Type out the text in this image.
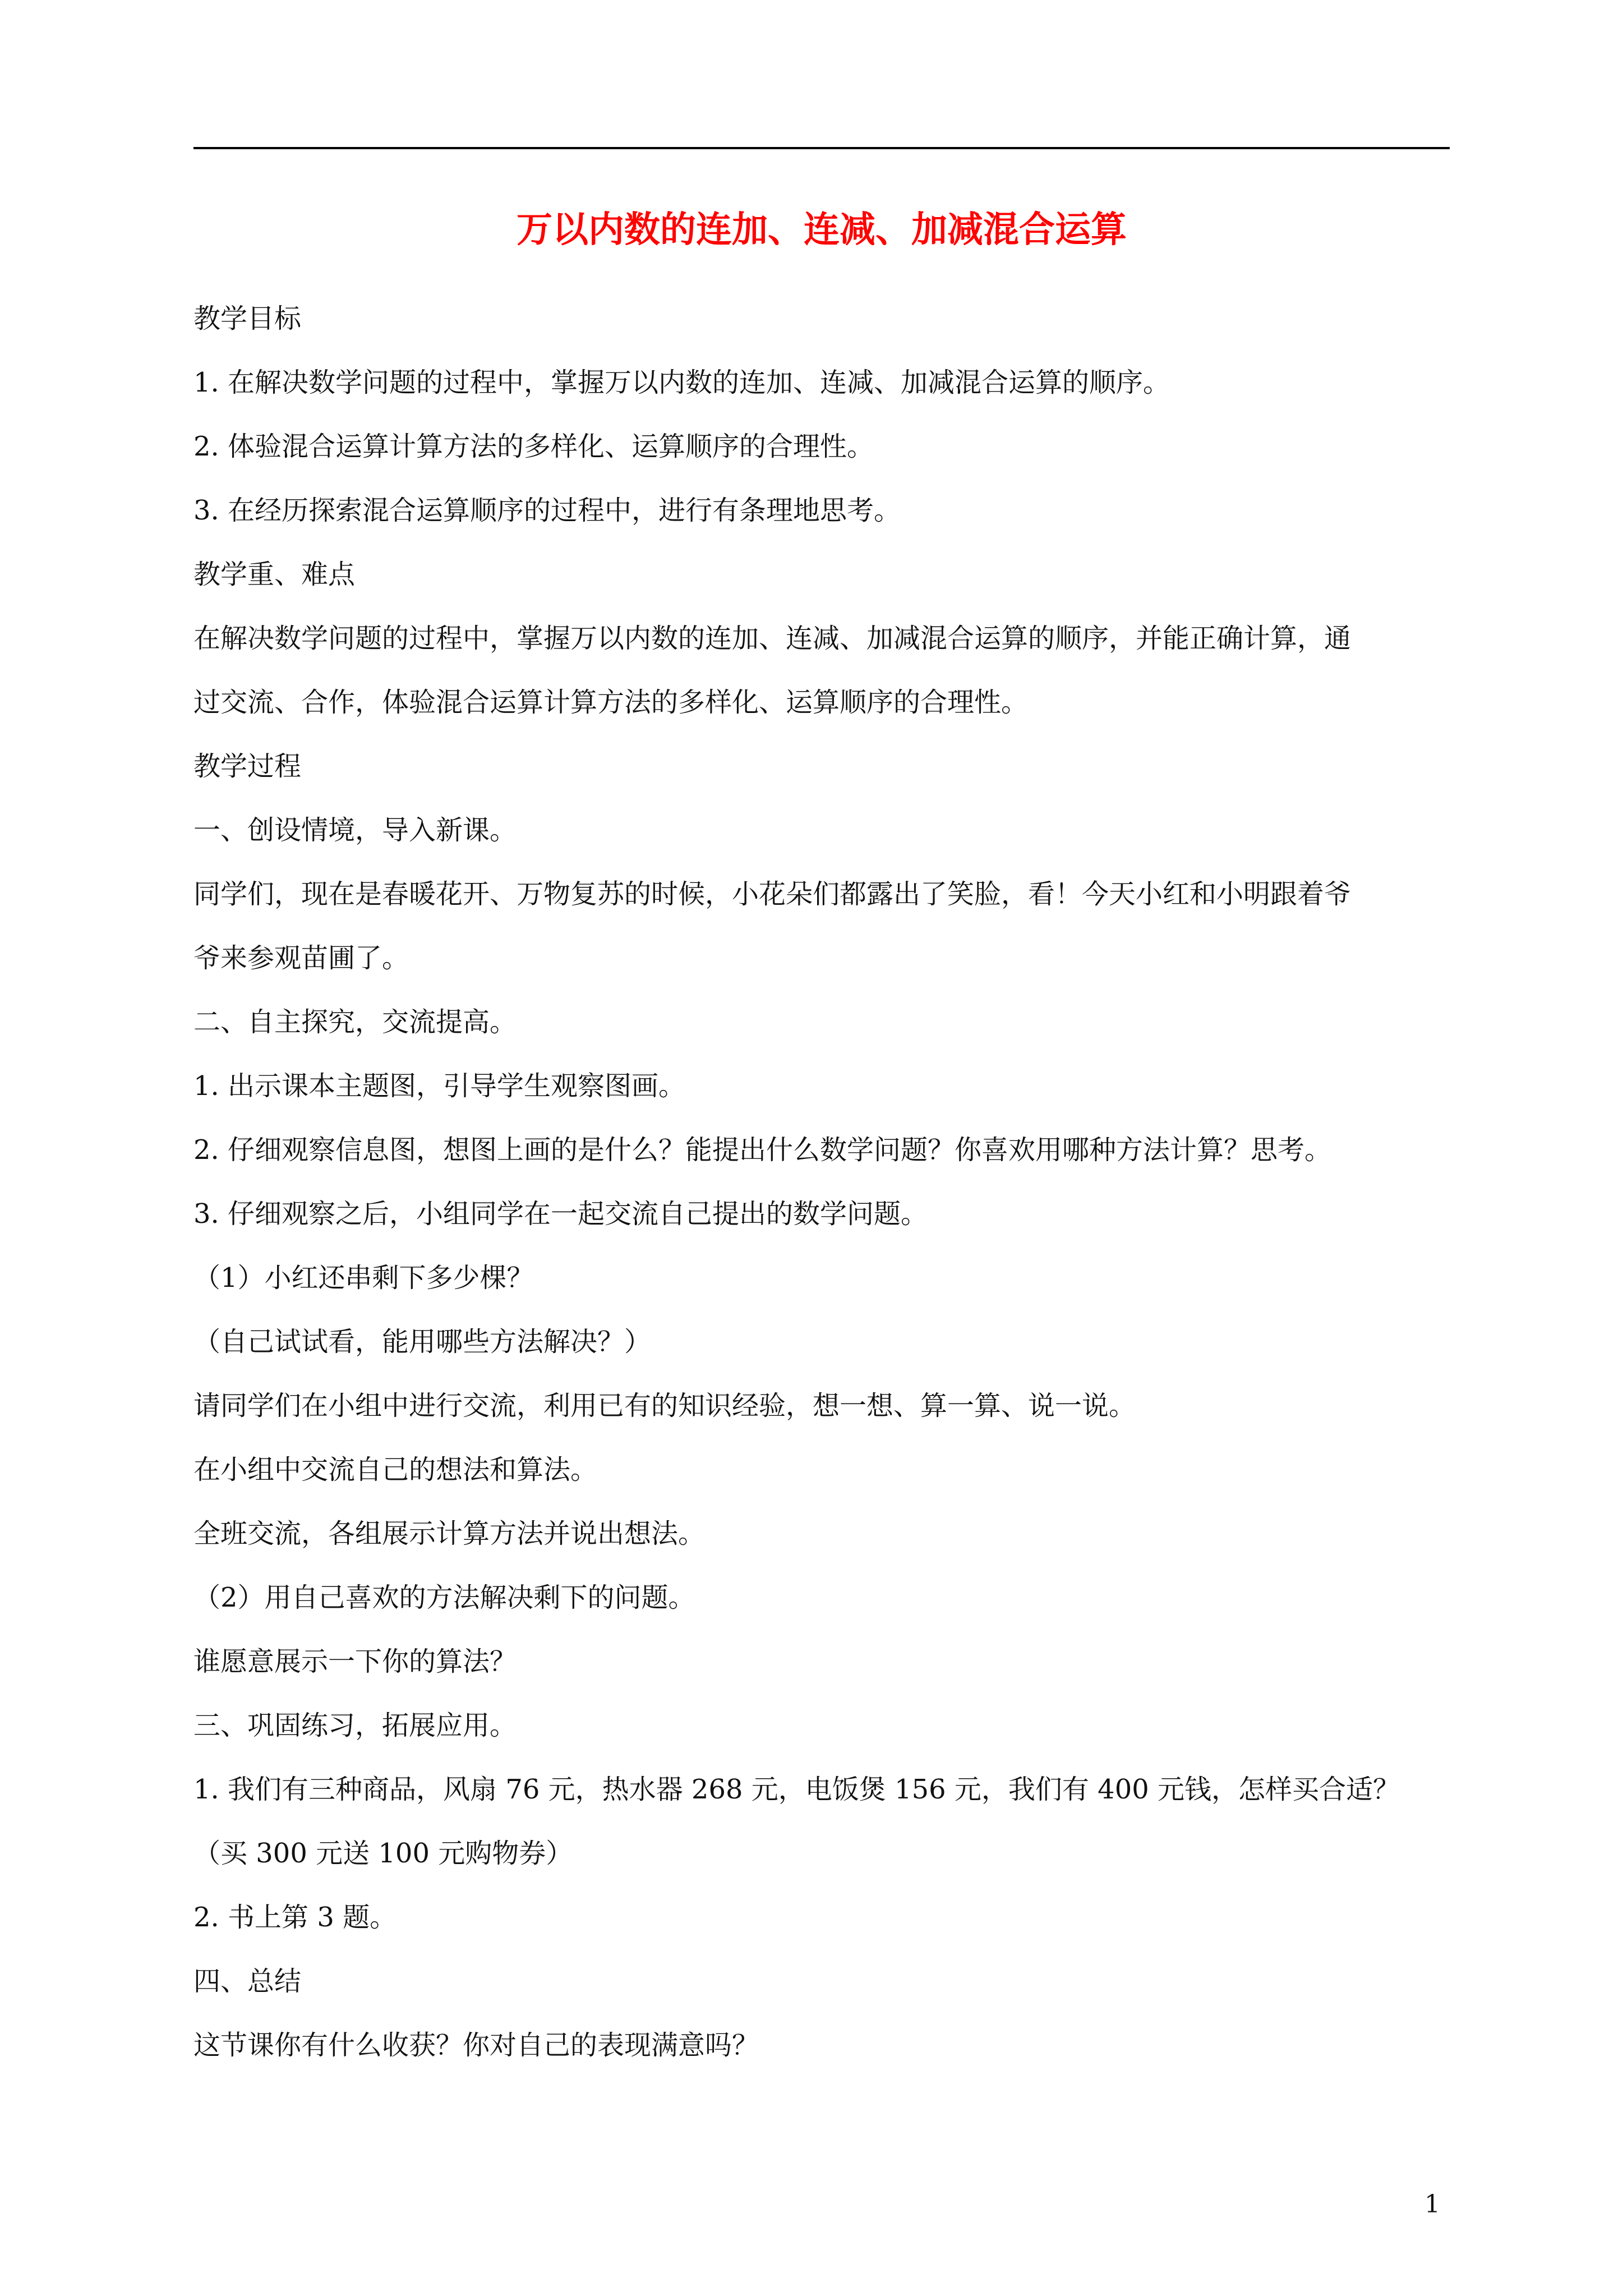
万以内数的连加、连减、加减混合运算
教学目标
1. 在解决数学问题的过程中，掌握万以内数的连加、连减、加减混合运算的顺序。
2. 体验混合运算计算方法的多样化、运算顺序的合理性。
3. 在经历探索混合运算顺序的过程中，进行有条理地思考。
教学重、难点
在解决数学问题的过程中，掌握万以内数的连加、连减、加减混合运算的顺序，并能正确计算，通
过交流、合作，体验混合运算计算方法的多样化、运算顺序的合理性。
教学过程
一、创设情境，导入新课。
同学们，现在是春暖花开、万物复苏的时候，小花朵们都露出了笑脸，看！今天小红和小明跟着爷
爷来参观苗圃了。
二、自主探究，交流提高。
1. 出示课本主题图，引导学生观察图画。
2. 仔细观察信息图，想图上画的是什么？能提出什么数学问题？你喜欢用哪种方法计算？思考。
3. 仔细观察之后，小组同学在一起交流自己提出的数学问题。
（1）小红还串剩下多少棵？
（自己试试看，能用哪些方法解决？）
请同学们在小组中进行交流，利用已有的知识经验，想一想、算一算、说一说。
在小组中交流自己的想法和算法。
全班交流，各组展示计算方法并说出想法。
（2）用自己喜欢的方法解决剩下的问题。
谁愿意展示一下你的算法？
三、巩固练习，拓展应用。
1. 我们有三种商品，风扇 76 元，热水器 268 元，电饭煲 156 元，我们有 400 元钱，怎样买合适？
（买 300 元送 100 元购物券）
2. 书上第 3 题。
四、总结
这节课你有什么收获？你对自己的表现满意吗？
1
